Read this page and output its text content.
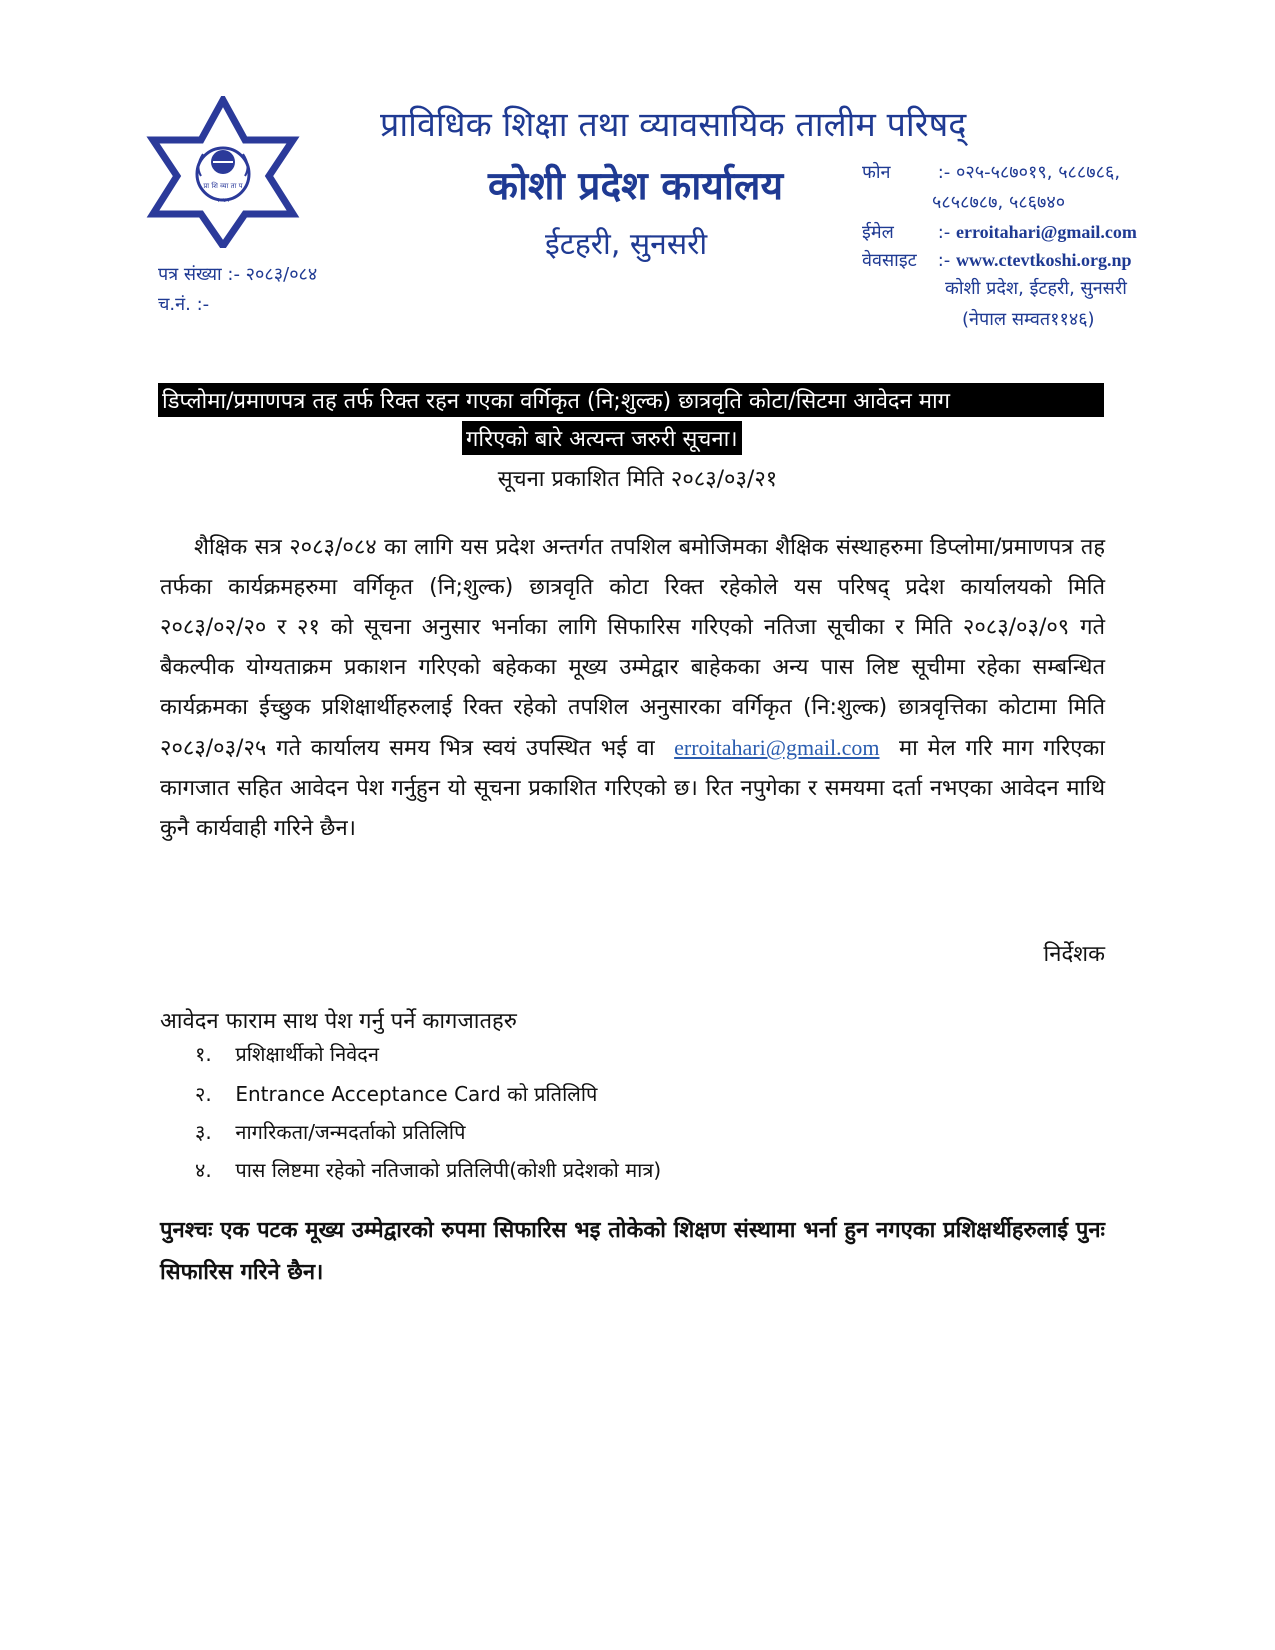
प्रा शि व्या ता प
२०४५
प्राविधिक शिक्षा तथा व्यावसायिक तालीम परिषद्
कोशी प्रदेश कार्यालय
ईटहरी, सुनसरी
फोन	:- ०२५-५८७०१९, ५८८७८६,
५८५८७८७, ५८६७४०
ईमेल :- erroitahari@gmail.com
वेवसाइट :- www.ctevtkoshi.org.np
कोशी प्रदेश, ईटहरी, सुनसरी
(नेपाल सम्वत११४६)
पत्र संख्या :- २०८३/०८४
च.नं. :-
डिप्लोमा/प्रमाणपत्र तह तर्फ रिक्त रहन गएका वर्गिकृत (नि;शुल्क) छात्रवृति कोटा/सिटमा आवेदन माग
गरिएको बारे अत्यन्त जरुरी सूचना।
सूचना प्रकाशित मिति २०८३/०३/२१
शैक्षिक सत्र २०८३/०८४ का लागि यस प्रदेश अन्तर्गत तपशिल बमोजिमका शैक्षिक संस्थाहरुमा डिप्लोमा/प्रमाणपत्र तह तर्फका कार्यक्रमहरुमा वर्गिकृत (नि;शुल्क) छात्रवृति कोटा रिक्त रहेकोले यस परिषद् प्रदेश कार्यालयको मिति २०८३/०२/२० र २१ को सूचना अनुसार भर्नाका लागि सिफारिस गरिएको नतिजा सूचीका र मिति २०८३/०३/०९ गते बैकल्पीक योग्यताक्रम प्रकाशन गरिएको बहेकका मूख्य उम्मेद्वार बाहेकका अन्य पास लिष्ट सूचीमा रहेका सम्बन्धित कार्यक्रमका ईच्छुक प्रशिक्षार्थीहरुलाई रिक्त रहेको तपशिल अनुसारका वर्गिकृत (नि:शुल्क) छात्रवृत्तिका कोटामा मिति २०८३/०३/२५ गते कार्यालय समय भित्र स्वयं उपस्थित भई वा erroitahari@gmail.com मा मेल गरि माग गरिएका कागजात सहित आवेदन पेश गर्नुहुन यो सूचना प्रकाशित गरिएको छ। रित नपुगेका र समयमा दर्ता नभएका आवेदन माथि कुनै कार्यवाही गरिने छैन।
निर्देशक
आवेदन फाराम साथ पेश गर्नु पर्ने कागजातहरु
१. प्रशिक्षार्थीको निवेदन
२. Entrance Acceptance Card को प्रतिलिपि
३. नागरिकता/जन्मदर्ताको प्रतिलिपि
४. पास लिष्टमा रहेको नतिजाको प्रतिलिपी(कोशी प्रदेशको मात्र)
पुनश्चः एक पटक मूख्य उम्मेद्वारको रुपमा सिफारिस भइ तोकेको शिक्षण संस्थामा भर्ना हुन नगएका प्रशिक्षर्थीहरुलाई पुनः सिफारिस गरिने छैन।
